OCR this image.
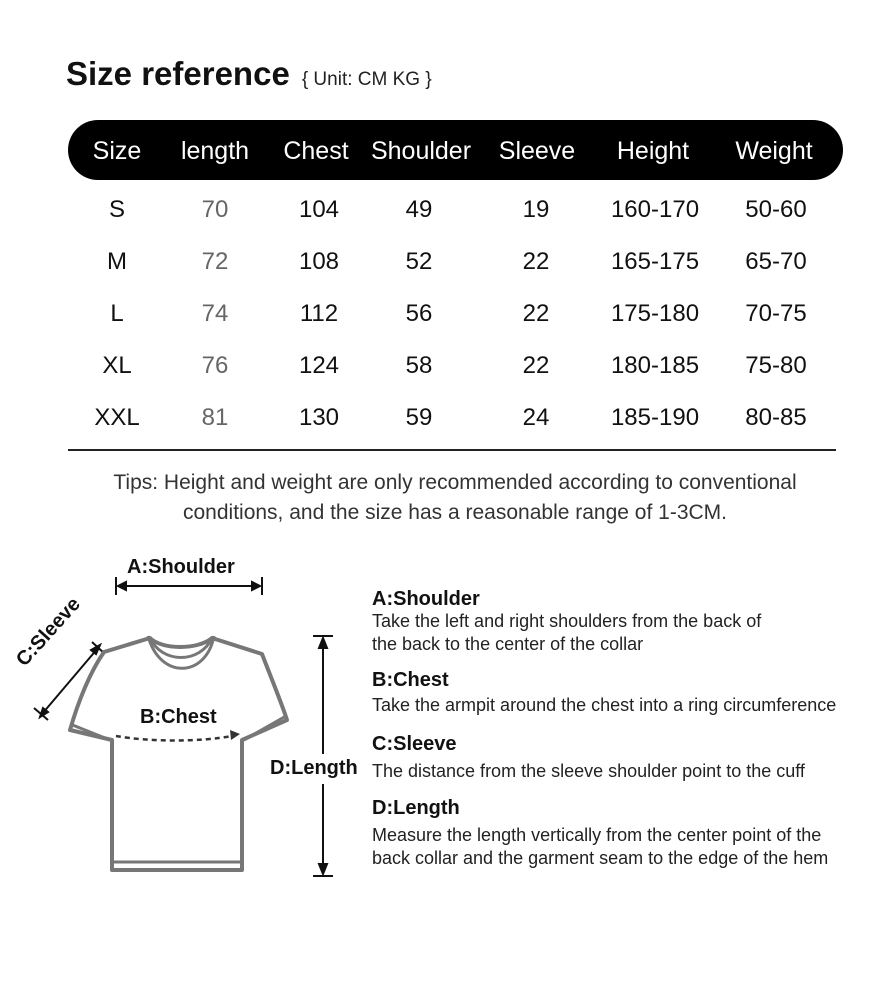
Size reference { Unit: CM KG }
Size length Chest Shoulder Sleeve Height Weight
S	70	104	49	19	160-170 50-60
M	72	108	52	22	165-175 65-70
L	74	112	56	22	175-180 70-75
XL	76	124	58	22	180-185 75-80
XXL	81	130	59	24	185-190 80-85
Tips: Height and weight are only recommended according to conventional
conditions, and the size has a reasonable range of 1-3CM.
A:Shoulder
C:Sleeve
B:Chest
D:Length
A:Shoulder
Take the left and right shoulders from the back of
the back to the center of the collar
B:Chest
Take the armpit around the chest into a ring circumference
C:Sleeve
The distance from the sleeve shoulder point to the cuff
D:Length
Measure the length vertically from the center point of the
back collar and the garment seam to the edge of the hem
